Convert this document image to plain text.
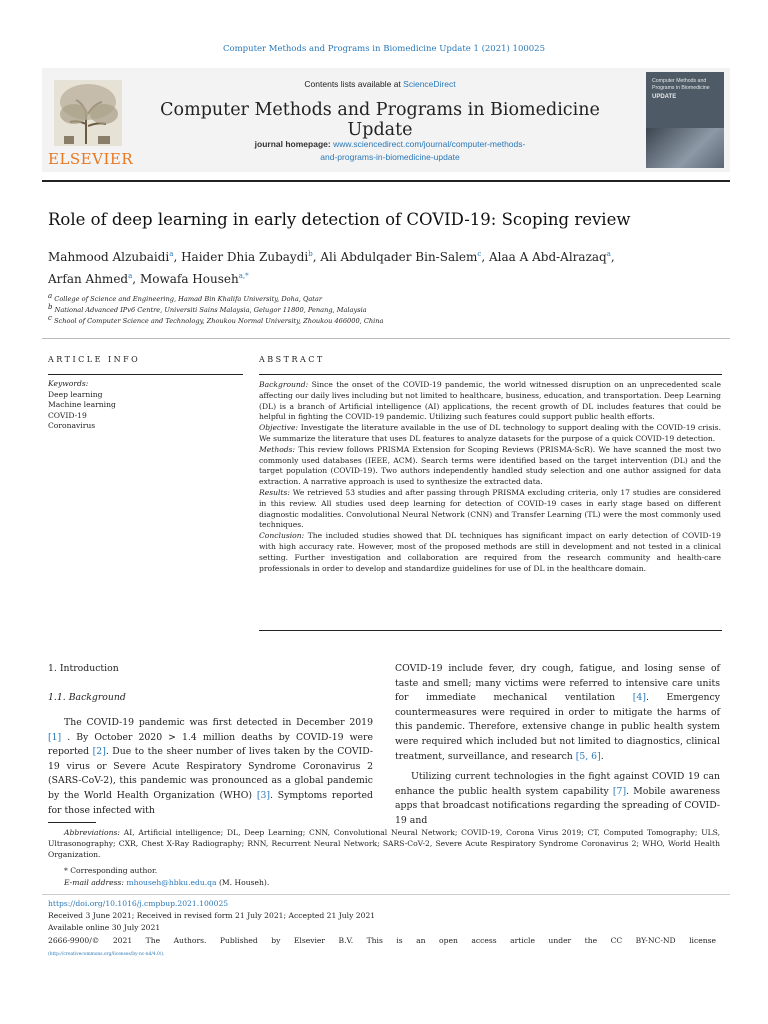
Computer Methods and Programs in Biomedicine Update 1 (2021) 100025
ELSEVIER
Contents lists available at ScienceDirect
Computer Methods and Programs in Biomedicine Update
journal homepage: www.sciencedirect.com/journal/computer-methods-
and-programs-in-biomedicine-update
Computer Methods and
Programs in Biomedicine
UPDATE
Role of deep learning in early detection of COVID-19: Scoping review
Mahmood Alzubaidi$^a$, Haider Dhia Zubaydi$^b$, Ali Abdulqader Bin-Salem$^c$, Alaa A Abd-Alrazaq$^a$,
Arfan Ahmed$^a$, Mowafa Househ$^{a,*}$
$^a$ College of Science and Engineering, Hamad Bin Khalifa University, Doha, Qatar
$^b$ National Advanced IPv6 Centre, Universiti Sains Malaysia, Gelugor 11800, Penang, Malaysia
$^c$ School of Computer Science and Technology, Zhoukou Normal University, Zhoukou 466000, China
ARTICLE INFO	ABSTRACT
Keywords:
Deep learning
Machine learning
COVID-19
Coronavirus
Background: Since the onset of the COVID-19 pandemic, the world witnessed disruption on an unprecedented scale affecting our daily lives including but not limited to healthcare, business, education, and transportation. Deep Learning (DL) is a branch of Artificial intelligence (AI) applications, the recent growth of DL includes features that could be helpful in fighting the COVID-19 pandemic. Utilizing such features could support public health efforts.
Objective: Investigate the literature available in the use of DL technology to support dealing with the COVID-19 crisis. We summarize the literature that uses DL features to analyze datasets for the purpose of a quick COVID-19 detection.
Methods: This review follows PRISMA Extension for Scoping Reviews (PRISMA-ScR). We have scanned the most two commonly used databases (IEEE, ACM). Search terms were identified based on the target intervention (DL) and the target population (COVID-19). Two authors independently handled study selection and one author assigned for data extraction. A narrative approach is used to synthesize the extracted data.
Results: We retrieved 53 studies and after passing through PRISMA excluding criteria, only 17 studies are considered in this review. All studies used deep learning for detection of COVID-19 cases in early stage based on different diagnostic modalities. Convolutional Neural Network (CNN) and Transfer Learning (TL) were the most commonly used techniques.
Conclusion: The included studies showed that DL techniques has significant impact on early detection of COVID-19 with high accuracy rate. However, most of the proposed methods are still in development and not tested in a clinical setting. Further investigation and collaboration are required from the research community and health-care professionals in order to develop and standardize guidelines for use of DL in the healthcare domain.
1. Introduction
1.1. Background

The COVID-19 pandemic was first detected in December 2019 [1] . By October 2020 > 1.4 million deaths by COVID-19 were reported [2]. Due to the sheer number of lives taken by the COVID-19 virus or Severe Acute Respiratory Syndrome Coronavirus 2 (SARS-CoV-2), this pandemic was pronounced as a global pandemic by the World Health Organization (WHO) [3]. Symptoms reported for those infected with

COVID-19 include fever, dry cough, fatigue, and losing sense of taste and smell; many victims were referred to intensive care units for immediate mechanical ventilation [4]. Emergency countermeasures were required in order to mitigate the harms of this pandemic. Therefore, extensive change in public health system were required which included but not limited to diagnostics, clinical treatment, surveillance, and research [5, 6].

Utilizing current technologies in the fight against COVID 19 can enhance the public health system capability [7]. Mobile awareness apps that broadcast notifications regarding the spreading of COVID-19 and

Abbreviations: AI, Artificial intelligence; DL, Deep Learning; CNN, Convolutional Neural Network; COVID-19, Corona Virus 2019; CT, Computed Tomography; ULS, Ultrasonography; CXR, Chest X-Ray Radiography; RNN, Recurrent Neural Network; SARS-CoV-2, Severe Acute Respiratory Syndrome Coronavirus 2; WHO, World Health Organization.
* Corresponding author.
E-mail address: mhouseh@hbku.edu.qa (M. Househ).
https://doi.org/10.1016/j.cmpbup.2021.100025
Received 3 June 2021; Received in revised form 21 July 2021; Accepted 21 July 2021
Available online 30 July 2021
2666-9900/© 2021 The Authors. Published by Elsevier B.V. This is an open access article under the CC BY-NC-ND license
(http://creativecommons.org/licenses/by-nc-nd/4.0/).
